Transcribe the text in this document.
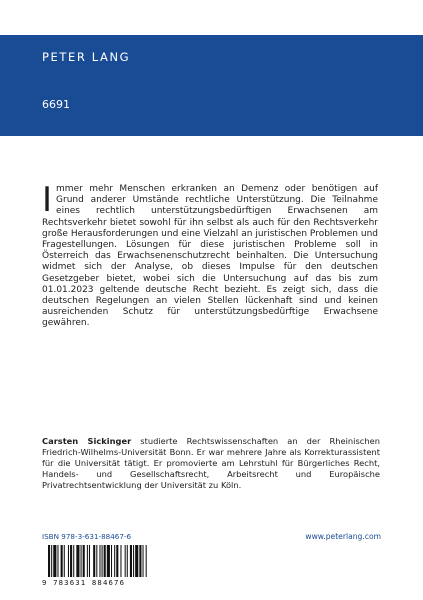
PETER LANG
6691
Immer mehr Menschen erkranken an Demenz oder benötigen auf Grund anderer Umstände rechtliche Unterstützung. Die Teilnahme eines rechtlich unterstützungsbedürftigen Erwachsenen am Rechtsverkehr bietet sowohl für ihn selbst als auch für den Rechtsverkehr große Herausforderungen und eine Vielzahl an juristischen Problemen und Fragestellungen. Lösungen für diese juristischen Probleme soll in Österreich das Erwachsenenschutzrecht beinhalten. Die Untersuchung widmet sich der Analyse, ob dieses Impulse für den deutschen Gesetzgeber bietet, wobei sich die Untersuchung auf das bis zum 01.01.2023 geltende deutsche Recht bezieht. Es zeigt sich, dass die deutschen Regelungen an vielen Stellen lückenhaft sind und keinen ausreichenden Schutz für unterstützungsbedürftige Erwachsene gewähren.
Carsten Sickinger studierte Rechtswissenschaften an der Rheinischen Friedrich-Wilhelms-Universität Bonn. Er war mehrere Jahre als Korrekturassistent für die Universität tätigt. Er promovierte am Lehrstuhl für Bürgerliches Recht, Handels- und Gesellschaftsrecht, Arbeitsrecht und Europäische Privatrechtsentwicklung der Universität zu Köln.
ISBN 978-3-631-88467-6	www.peterlang.com
9 783631 884676
